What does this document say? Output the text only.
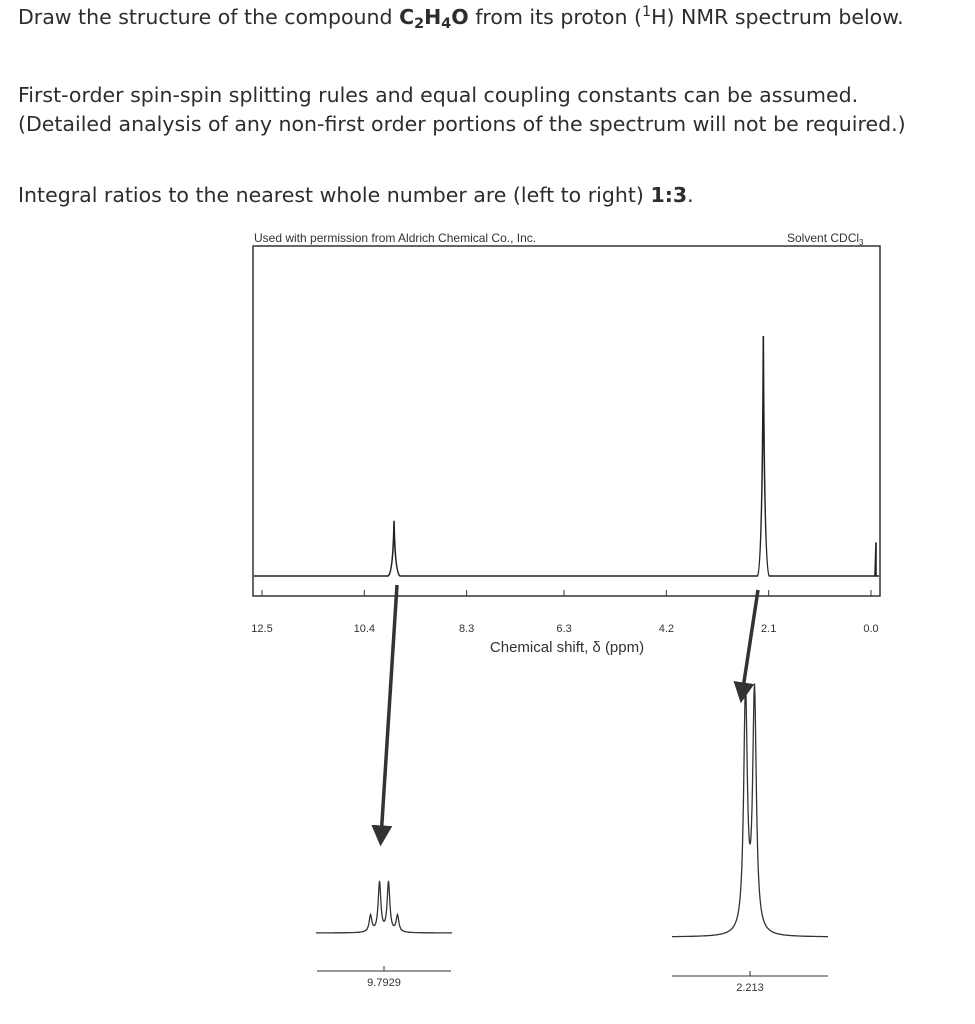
Draw the structure of the compound $C_2H_4O$ from its proton ($^1$H) NMR spectrum below.

First-order spin-spin splitting rules and equal coupling constants can be assumed. (Detailed analysis of any non-first order portions of the spectrum will not be required.)

Integral ratios to the nearest whole number are (left to right) 1:3.

Used with permission from Aldrich Chemical Co., Inc.	Solvent CDCl$_3$
12.5	10.4	8.3	6.3	4.2	2.1	0.0
Chemical shift, δ (ppm)
9.7929	2.213
